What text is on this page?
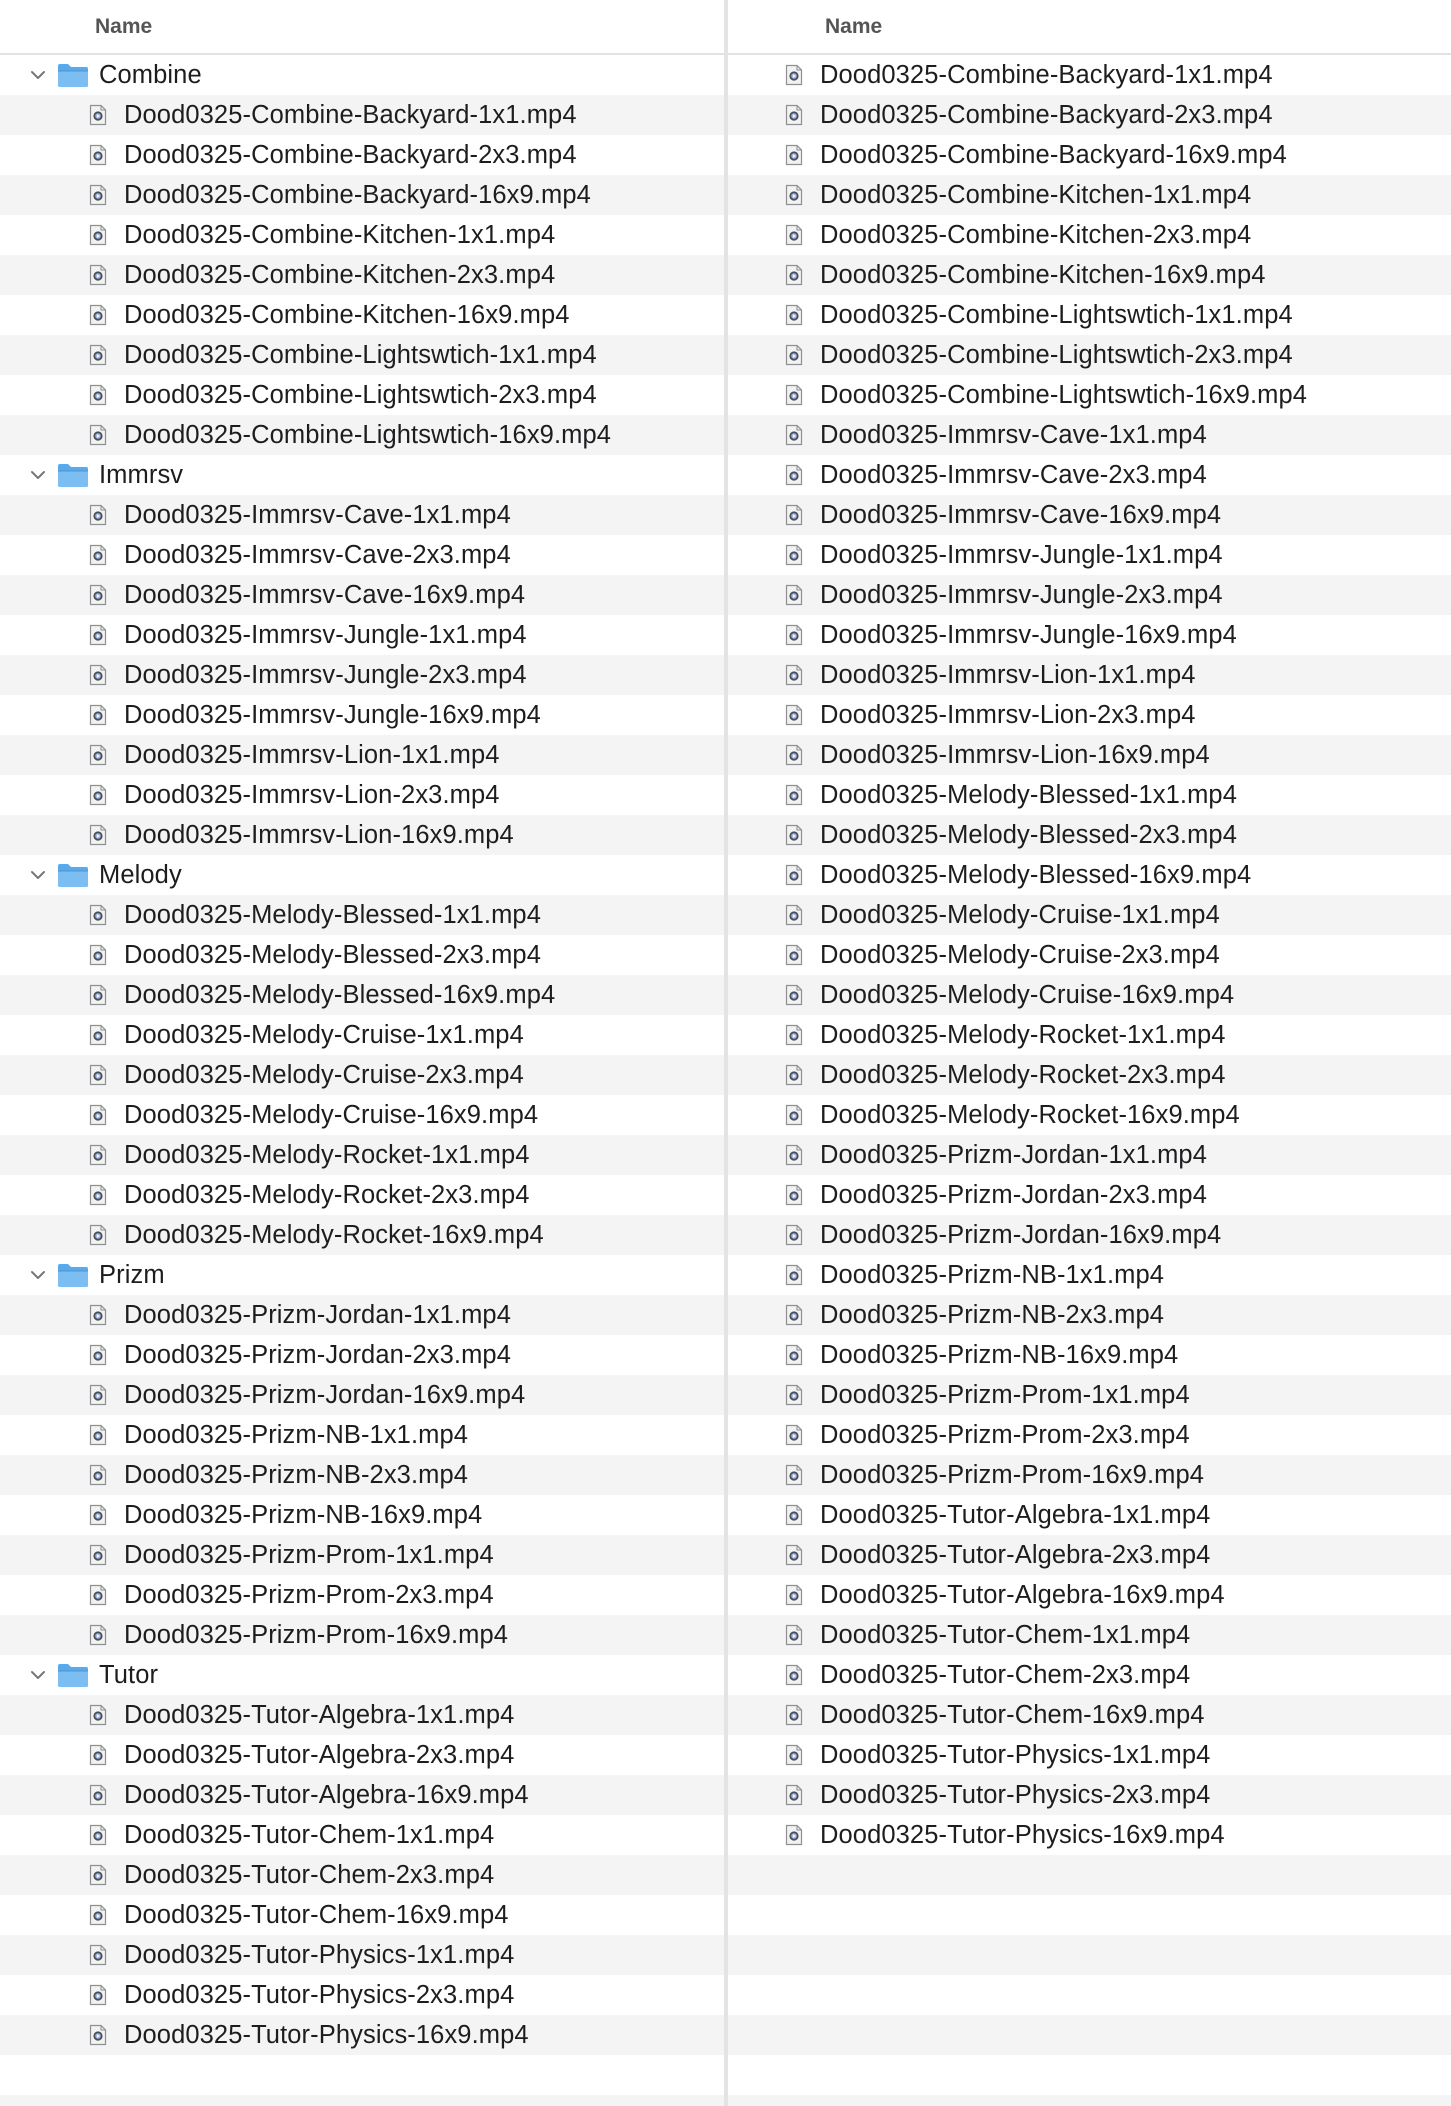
Name
Combine
Dood0325-Combine-Backyard-1x1.mp4
Dood0325-Combine-Backyard-2x3.mp4
Dood0325-Combine-Backyard-16x9.mp4
Dood0325-Combine-Kitchen-1x1.mp4
Dood0325-Combine-Kitchen-2x3.mp4
Dood0325-Combine-Kitchen-16x9.mp4
Dood0325-Combine-Lightswtich-1x1.mp4
Dood0325-Combine-Lightswtich-2x3.mp4
Dood0325-Combine-Lightswtich-16x9.mp4
Immrsv
Dood0325-Immrsv-Cave-1x1.mp4
Dood0325-Immrsv-Cave-2x3.mp4
Dood0325-Immrsv-Cave-16x9.mp4
Dood0325-Immrsv-Jungle-1x1.mp4
Dood0325-Immrsv-Jungle-2x3.mp4
Dood0325-Immrsv-Jungle-16x9.mp4
Dood0325-Immrsv-Lion-1x1.mp4
Dood0325-Immrsv-Lion-2x3.mp4
Dood0325-Immrsv-Lion-16x9.mp4
Melody
Dood0325-Melody-Blessed-1x1.mp4
Dood0325-Melody-Blessed-2x3.mp4
Dood0325-Melody-Blessed-16x9.mp4
Dood0325-Melody-Cruise-1x1.mp4
Dood0325-Melody-Cruise-2x3.mp4
Dood0325-Melody-Cruise-16x9.mp4
Dood0325-Melody-Rocket-1x1.mp4
Dood0325-Melody-Rocket-2x3.mp4
Dood0325-Melody-Rocket-16x9.mp4
Prizm
Dood0325-Prizm-Jordan-1x1.mp4
Dood0325-Prizm-Jordan-2x3.mp4
Dood0325-Prizm-Jordan-16x9.mp4
Dood0325-Prizm-NB-1x1.mp4
Dood0325-Prizm-NB-2x3.mp4
Dood0325-Prizm-NB-16x9.mp4
Dood0325-Prizm-Prom-1x1.mp4
Dood0325-Prizm-Prom-2x3.mp4
Dood0325-Prizm-Prom-16x9.mp4
Tutor
Dood0325-Tutor-Algebra-1x1.mp4
Dood0325-Tutor-Algebra-2x3.mp4
Dood0325-Tutor-Algebra-16x9.mp4
Dood0325-Tutor-Chem-1x1.mp4
Dood0325-Tutor-Chem-2x3.mp4
Dood0325-Tutor-Chem-16x9.mp4
Dood0325-Tutor-Physics-1x1.mp4
Dood0325-Tutor-Physics-2x3.mp4
Dood0325-Tutor-Physics-16x9.mp4
Name
Dood0325-Combine-Backyard-1x1.mp4
Dood0325-Combine-Backyard-2x3.mp4
Dood0325-Combine-Backyard-16x9.mp4
Dood0325-Combine-Kitchen-1x1.mp4
Dood0325-Combine-Kitchen-2x3.mp4
Dood0325-Combine-Kitchen-16x9.mp4
Dood0325-Combine-Lightswtich-1x1.mp4
Dood0325-Combine-Lightswtich-2x3.mp4
Dood0325-Combine-Lightswtich-16x9.mp4
Dood0325-Immrsv-Cave-1x1.mp4
Dood0325-Immrsv-Cave-2x3.mp4
Dood0325-Immrsv-Cave-16x9.mp4
Dood0325-Immrsv-Jungle-1x1.mp4
Dood0325-Immrsv-Jungle-2x3.mp4
Dood0325-Immrsv-Jungle-16x9.mp4
Dood0325-Immrsv-Lion-1x1.mp4
Dood0325-Immrsv-Lion-2x3.mp4
Dood0325-Immrsv-Lion-16x9.mp4
Dood0325-Melody-Blessed-1x1.mp4
Dood0325-Melody-Blessed-2x3.mp4
Dood0325-Melody-Blessed-16x9.mp4
Dood0325-Melody-Cruise-1x1.mp4
Dood0325-Melody-Cruise-2x3.mp4
Dood0325-Melody-Cruise-16x9.mp4
Dood0325-Melody-Rocket-1x1.mp4
Dood0325-Melody-Rocket-2x3.mp4
Dood0325-Melody-Rocket-16x9.mp4
Dood0325-Prizm-Jordan-1x1.mp4
Dood0325-Prizm-Jordan-2x3.mp4
Dood0325-Prizm-Jordan-16x9.mp4
Dood0325-Prizm-NB-1x1.mp4
Dood0325-Prizm-NB-2x3.mp4
Dood0325-Prizm-NB-16x9.mp4
Dood0325-Prizm-Prom-1x1.mp4
Dood0325-Prizm-Prom-2x3.mp4
Dood0325-Prizm-Prom-16x9.mp4
Dood0325-Tutor-Algebra-1x1.mp4
Dood0325-Tutor-Algebra-2x3.mp4
Dood0325-Tutor-Algebra-16x9.mp4
Dood0325-Tutor-Chem-1x1.mp4
Dood0325-Tutor-Chem-2x3.mp4
Dood0325-Tutor-Chem-16x9.mp4
Dood0325-Tutor-Physics-1x1.mp4
Dood0325-Tutor-Physics-2x3.mp4
Dood0325-Tutor-Physics-16x9.mp4
